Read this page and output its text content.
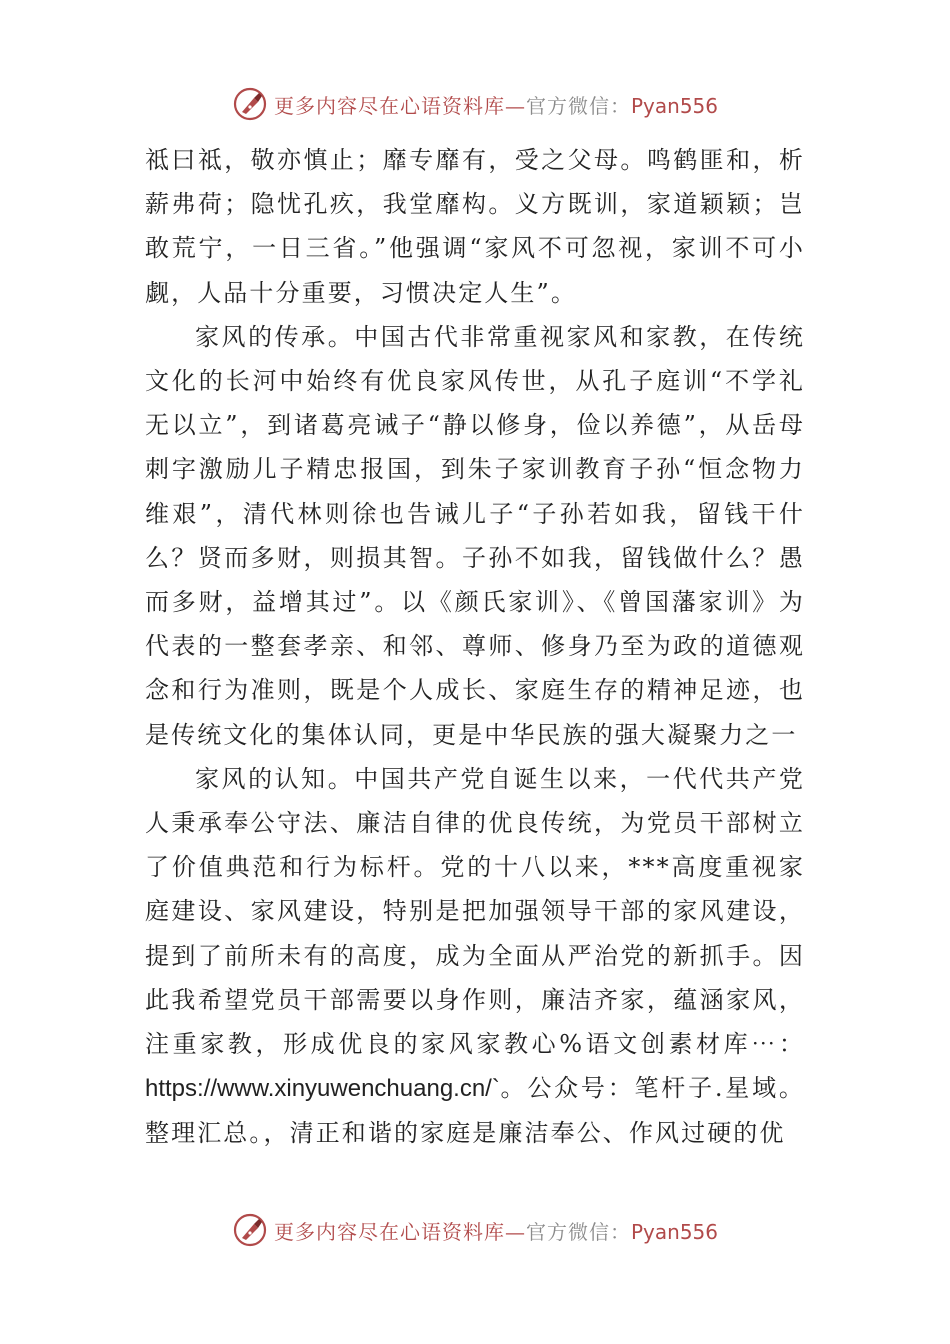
更多内容尽在心语资料库—官方微信：Pyan556

祗曰祗，敬亦慎止；靡专靡有，受之父母。鸣鹤匪和，析薪弗荷；隐忧孔疚，我堂靡构。义方既训，家道颖颖；岂敢荒宁，一日三省。”他强调“家风不可忽视，家训不可小觑，人品十分重要，习惯决定人生”。

家风的传承。中国古代非常重视家风和家教，在传统文化的长河中始终有优良家风传世，从孔子庭训“不学礼无以立”，到诸葛亮诫子“静以修身，俭以养德”，从岳母刺字激励儿子精忠报国，到朱子家训教育子孙“恒念物力维艰”，清代林则徐也告诫儿子“子孙若如我，留钱干什么？贤而多财，则损其智。子孙不如我，留钱做什么？愚而多财，益增其过”。以《颜氏家训》、《曾国藩家训》为代表的一整套孝亲、和邻、尊师、修身乃至为政的道德观念和行为准则，既是个人成长、家庭生存的精神足迹，也是传统文化的集体认同，更是中华民族的强大凝聚力之一

家风的认知。中国共产党自诞生以来，一代代共产党人秉承奉公守法、廉洁自律的优良传统，为党员干部树立了价值典范和行为标杆。党的十八以来，***高度重视家庭建设、家风建设，特别是把加强领导干部的家风建设，提到了前所未有的高度，成为全面从严治党的新抓手。因此我希望党员干部需要以身作则，廉洁齐家，蕴涵家风，注重家教，形成优良的家风家教心%语文创素材库⋯：https://www.xinyuwenchuang.cn/`。公众号：笔杆子.星域。整理汇总。，清正和谐的家庭是廉洁奉公、作风过硬的优

更多内容尽在心语资料库—官方微信：Pyan556
